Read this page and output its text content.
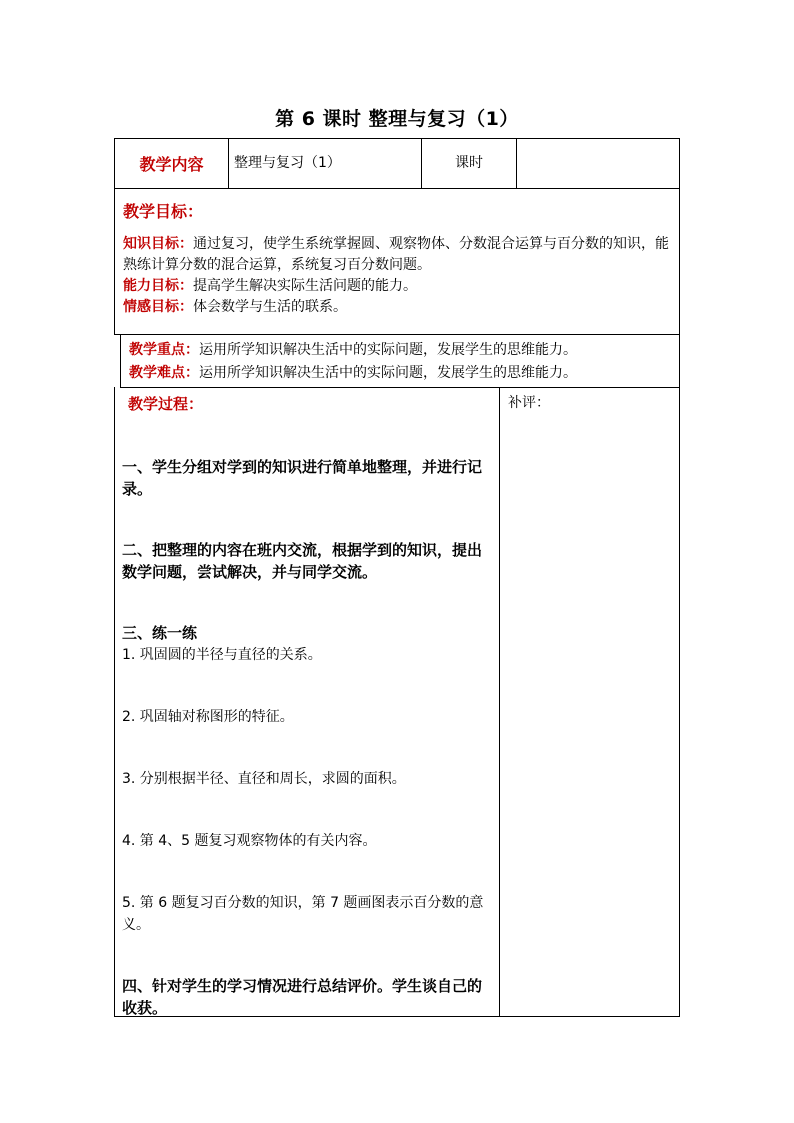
第 6 课时 整理与复习（1）
教学内容 整理与复习（1）	课时
教学目标：
知识目标：通过复习，使学生系统掌握圆、观察物体、分数混合运算与百分数的知识，能熟练计算分数的混合运算，系统复习百分数问题。
能力目标：提高学生解决实际生活问题的能力。
情感目标：体会数学与生活的联系。
教学重点：运用所学知识解决生活中的实际问题，发展学生的思维能力。
教学难点：运用所学知识解决生活中的实际问题，发展学生的思维能力。
教学过程：	补评：
一、学生分组对学到的知识进行简单地整理，并进行记录。
二、把整理的内容在班内交流，根据学到的知识，提出数学问题，尝试解决，并与同学交流。
三、练一练
1. 巩固圆的半径与直径的关系。
2. 巩固轴对称图形的特征。
3. 分别根据半径、直径和周长，求圆的面积。
4. 第 4、5 题复习观察物体的有关内容。
5. 第 6 题复习百分数的知识，第 7 题画图表示百分数的意义。
四、针对学生的学习情况进行总结评价。学生谈自己的收获。
